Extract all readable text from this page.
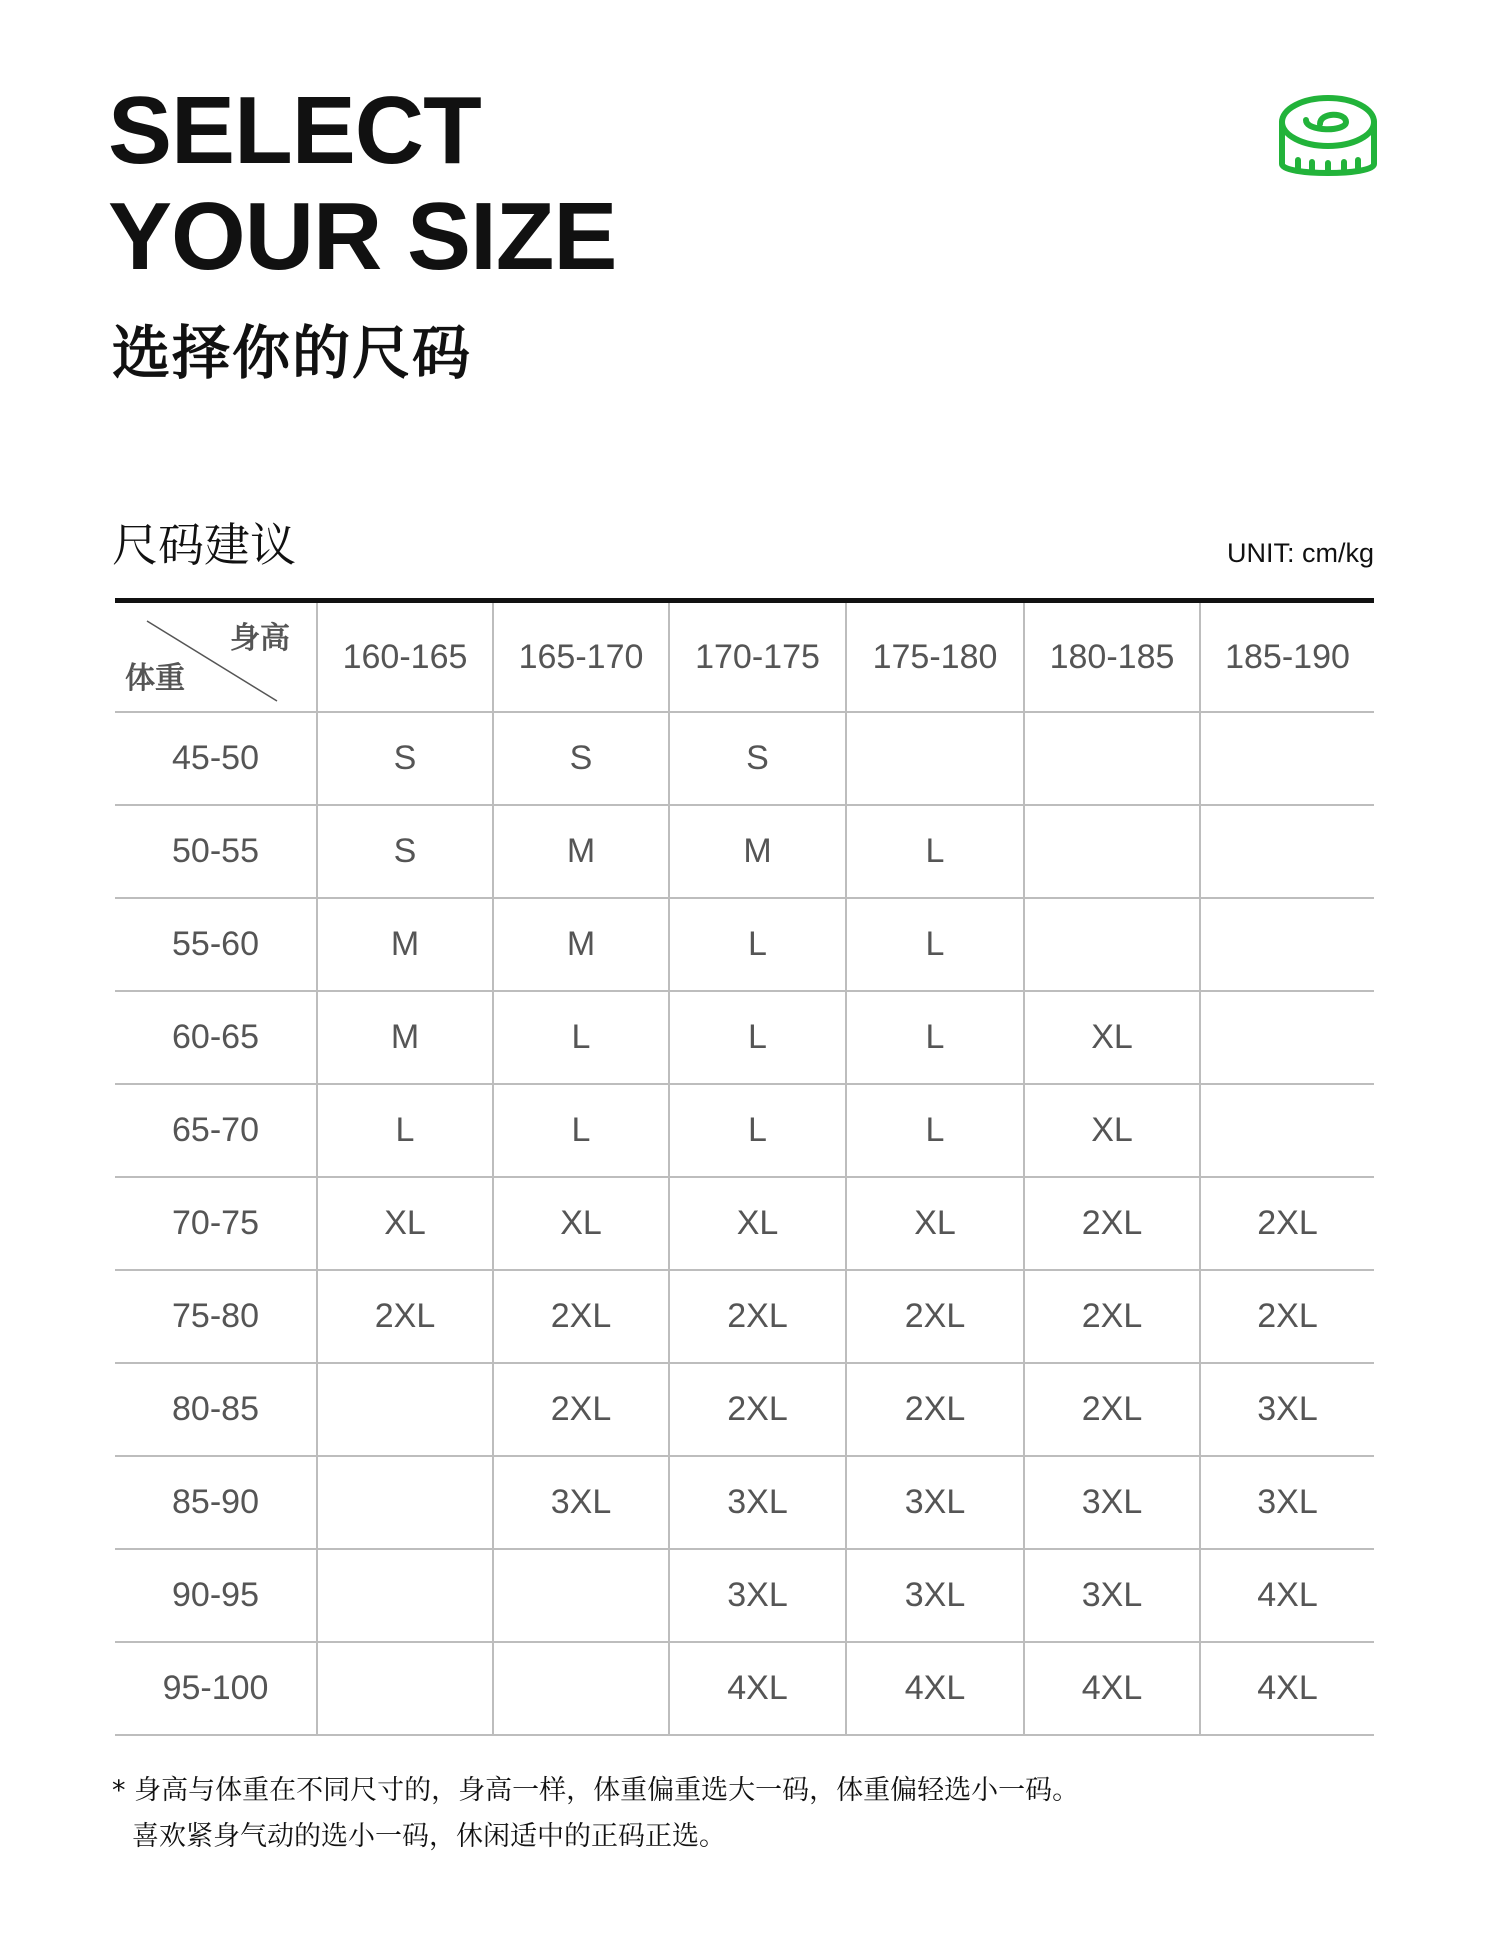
SELECT
YOUR SIZE
选择你的尺码
尺码建议	UNIT: cm/kg
身高
体重	160-165	165-170	170-175	175-180	180-185	185-190
45-50	S	S	S			
50-55	S	M	M	L		
55-60	M	M	L	L		
60-65	M	L	L	L	XL	
65-70	L	L	L	L	XL	
70-75	XL	XL	XL	XL	2XL	2XL
75-80	2XL	2XL	2XL	2XL	2XL	2XL
80-85		2XL	2XL	2XL	2XL	3XL
85-90		3XL	3XL	3XL	3XL	3XL
90-95			3XL	3XL	3XL	4XL
95-100			4XL	4XL	4XL	4XL
* 身高与体重在不同尺寸的，身高一样，体重偏重选大一码，体重偏轻选小一码。
喜欢紧身气动的选小一码，休闲适中的正码正选。
